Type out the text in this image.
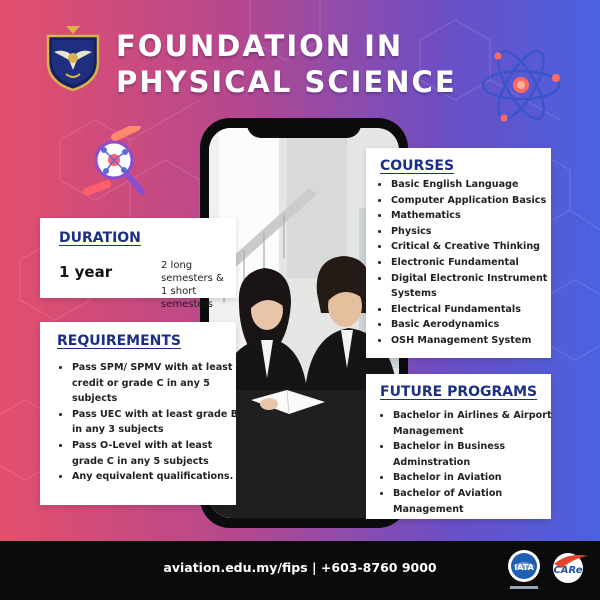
FOUNDATION IN
PHYSICAL SCIENCE
DURATION
1 year	2 long semesters &
1 short semesters
REQUIREMENTS
• Pass SPM/ SPMV with at least credit or grade C in any 5 subjects
• Pass UEC with at least grade B in any 3 subjects
• Pass O-Level with at least grade C in any 5 subjects
• Any equivalent qualifications.
COURSES
• Basic English Language
• Computer Application Basics
• Mathematics
• Physics
• Critical & Creative Thinking
• Electronic Fundamental
• Digital Electronic Instrument Systems
• Electrical Fundamentals
• Basic Aerodynamics
• OSH Management System
FUTURE PROGRAMS
• Bachelor in Airlines & Airport Management
• Bachelor in Business Adminstration
• Bachelor in Aviation
• Bachelor of Aviation Management
aviation.edu.my/fips | +603-8760 9000	IATA CARe
